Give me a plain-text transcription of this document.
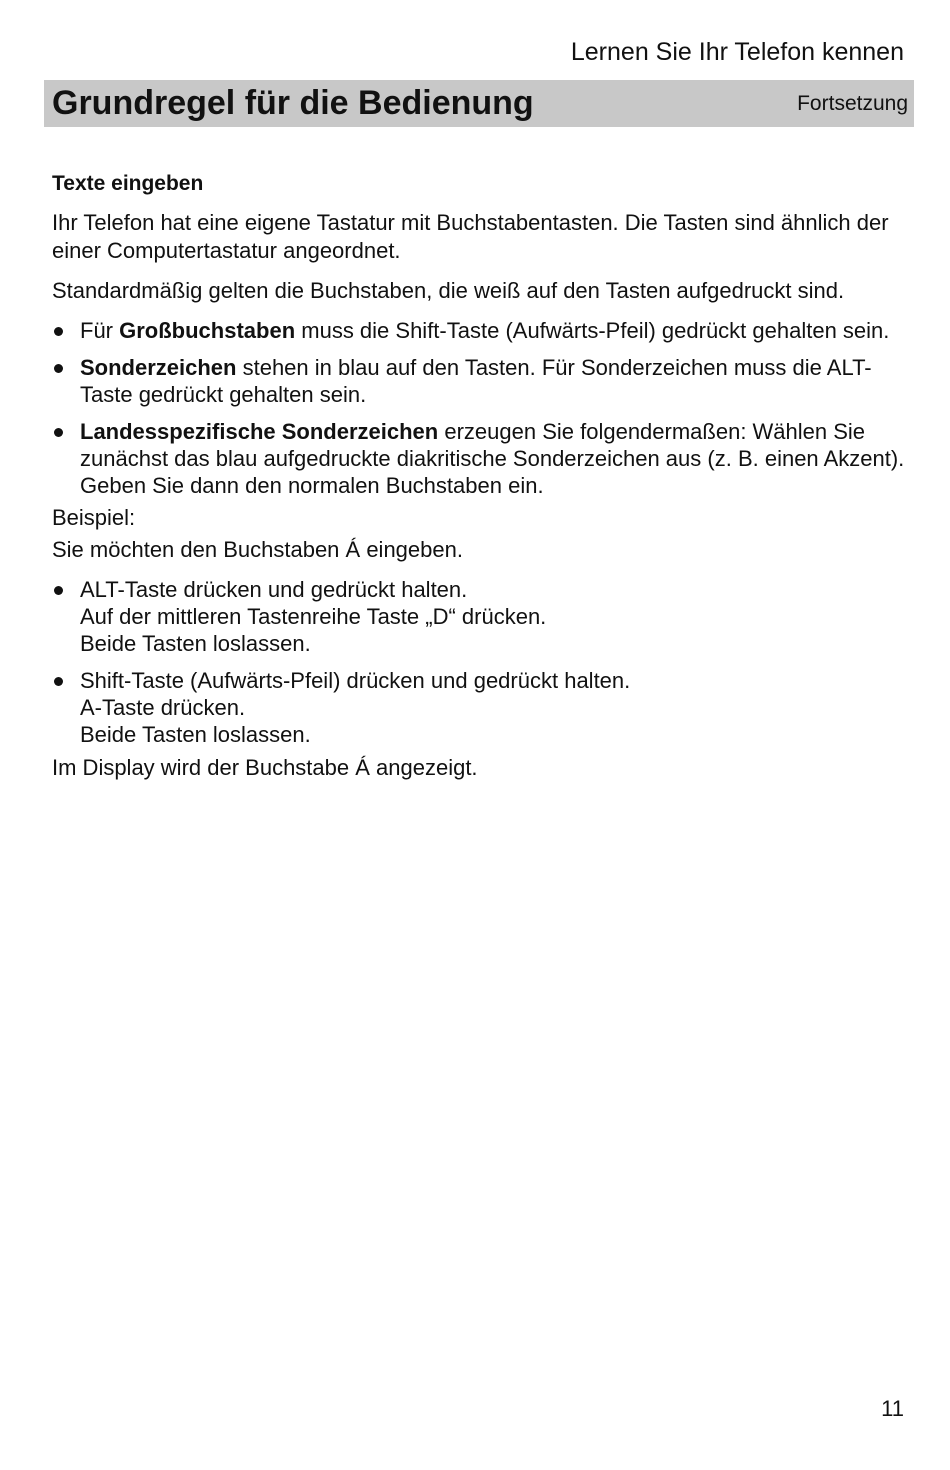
Lernen Sie Ihr Telefon kennen
Grundregel für die Bedienung	Fortsetzung
Texte eingeben

Ihr Telefon hat eine eigene Tastatur mit Buchstabentasten. Die Tasten sind ähnlich der einer Computertastatur angeordnet.

Standardmäßig gelten die Buchstaben, die weiß auf den Tasten aufgedruckt sind.

Für Großbuchstaben muss die Shift-Taste (Aufwärts-Pfeil) gedrückt gehalten sein.
Sonderzeichen stehen in blau auf den Tasten. Für Sonderzeichen muss die ALT-Taste gedrückt gehalten sein.
Landesspezifische Sonderzeichen erzeugen Sie folgendermaßen: Wählen Sie zunächst das blau aufgedruckte diakritische Sonderzeichen aus (z. B. einen Akzent). Geben Sie dann den normalen Buchstaben ein.
Beispiel:

Sie möchten den Buchstaben Á eingeben.

ALT-Taste drücken und gedrückt halten.
Auf der mittleren Tastenreihe Taste „D“ drücken.
Beide Tasten loslassen.
Shift-Taste (Aufwärts-Pfeil) drücken und gedrückt halten.
A-Taste drücken.
Beide Tasten loslassen.

Im Display wird der Buchstabe Á angezeigt.

11
